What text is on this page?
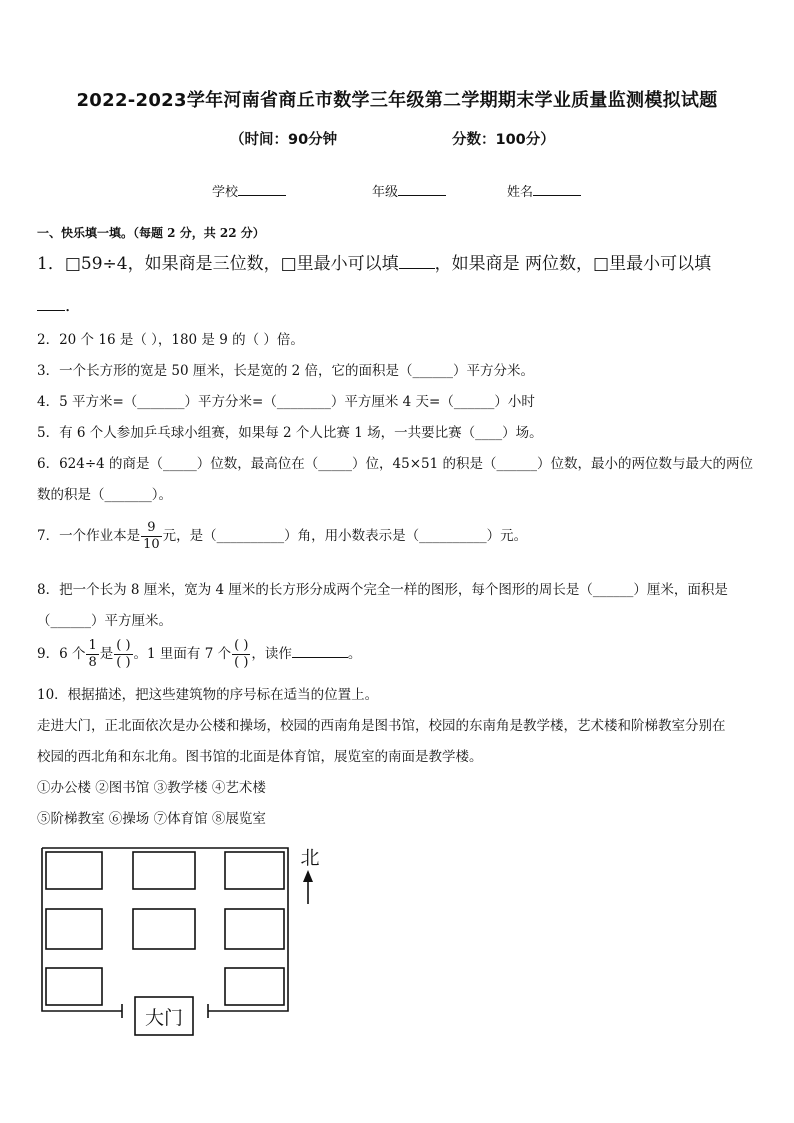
2022-2023学年河南省商丘市数学三年级第二学期期末学业质量监测模拟试题
（时间：90分钟	分数：100分）
学校	年级	姓名
一、快乐填一填。（每题 2 分，共 22 分）
1．□59÷4，如果商是三位数，□里最小可以填 ，如果商是 两位数，□里最小可以填
．
2．20 个 16 是（ ），180 是 9 的（ ）倍。
3．一个长方形的宽是 50 厘米，长是宽的 2 倍，它的面积是（______）平方分米。
4．5 平方米=（_______）平方分米=（________）平方厘米 4 天=（______）小时
5．有 6 个人参加乒乓球小组赛，如果每 2 个人比赛 1 场，一共要比赛（____）场。
6．624÷4 的商是（_____）位数，最高位在（_____）位，45×51 的积是（______）位数，最小的两位数与最大的两位
数的积是（_______）。
7．一个作业本是 $\frac{9}{10}$ 元，是（__________）角，用小数表示是（__________）元。
8．把一个长为 8 厘米，宽为 4 厘米的长方形分成两个完全一样的图形，每个图形的周长是（______）厘米，面积是
（______）平方厘米。
9．6 个 $\frac{1}{8}$ 是 $\frac{( )}{( )}$ 。1 里面有 7 个 $\frac{( )}{( )}$ ，读作	。
10．根据描述，把这些建筑物的序号标在适当的位置上。
走进大门，正北面依次是办公楼和操场，校园的西南角是图书馆，校园的东南角是教学楼，艺术楼和阶梯教室分别在
校园的西北角和东北角。图书馆的北面是体育馆，展览室的南面是教学楼。
①办公楼 ②图书馆 ③教学楼 ④艺术楼
⑤阶梯教室 ⑥操场 ⑦体育馆 ⑧展览室
大门
北
